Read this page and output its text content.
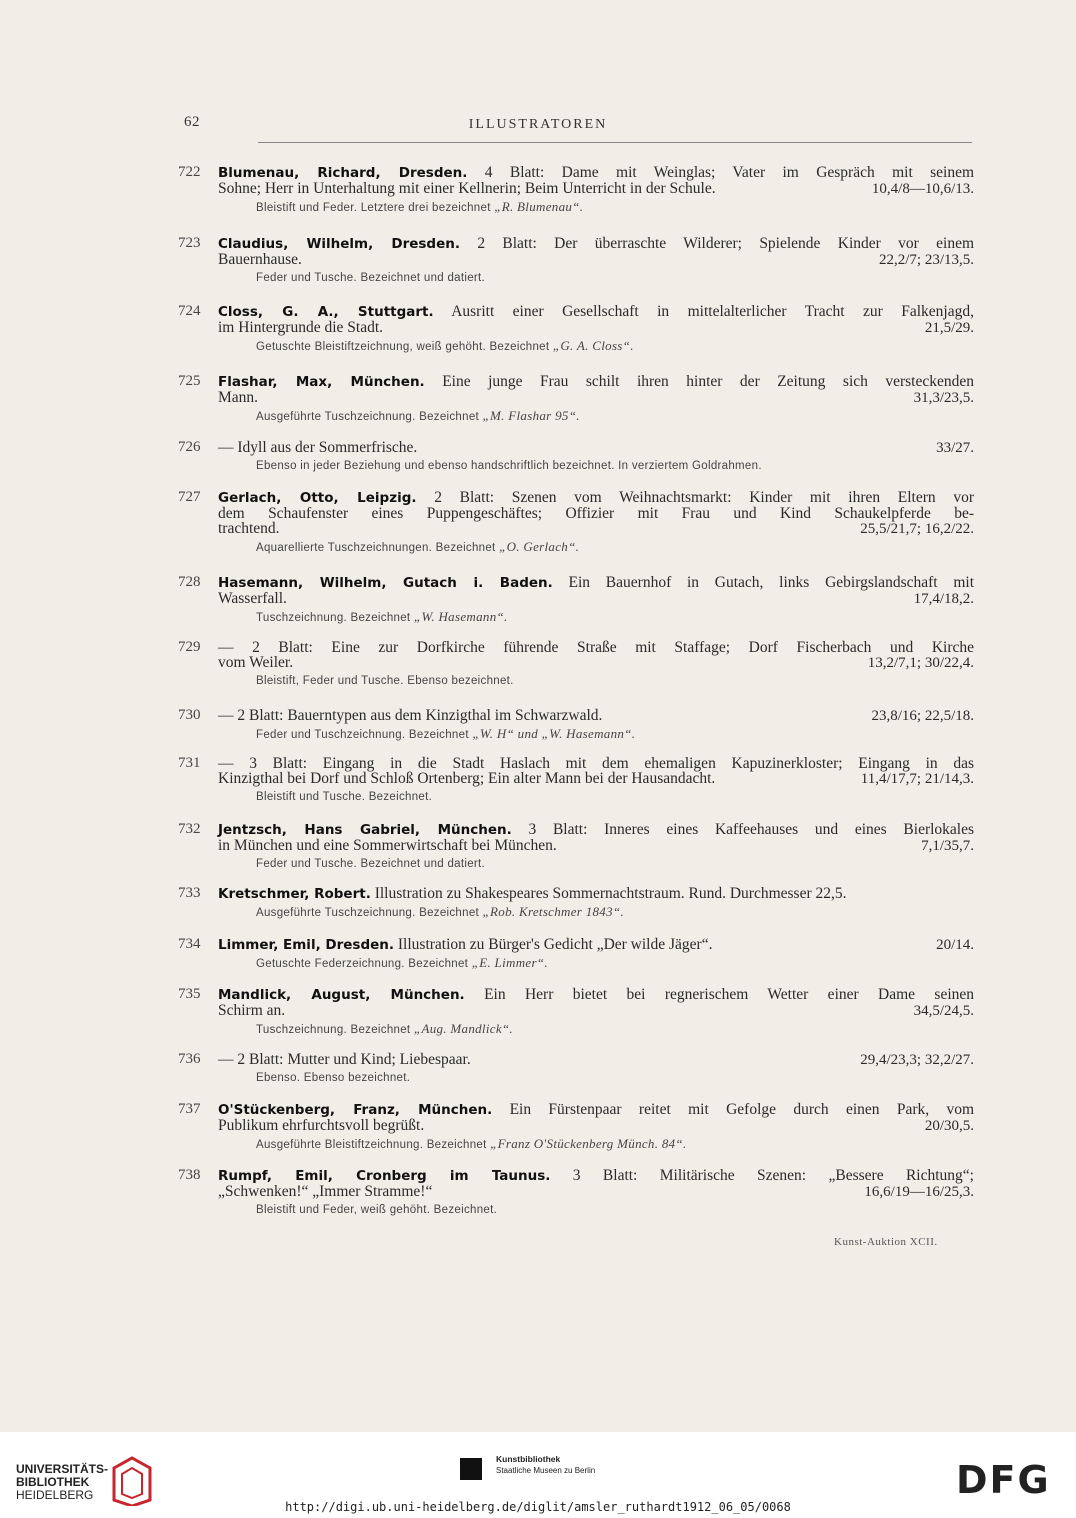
62	ILLUSTRATOREN
722	Blumenau, Richard, Dresden. 4 Blatt: Dame mit Weinglas; Vater im Gespräch mit seinem
Sohne; Herr in Unterhaltung mit einer Kellnerin; Beim Unterricht in der Schule.	10,4/8—10,6/13.
Bleistift und Feder. Letztere drei bezeichnet „R. Blumenau“.
723	Claudius, Wilhelm, Dresden. 2 Blatt: Der überraschte Wilderer; Spielende Kinder vor einem
Bauernhause.	22,2/7; 23/13,5.
Feder und Tusche. Bezeichnet und datiert.
724	Closs, G. A., Stuttgart. Ausritt einer Gesellschaft in mittelalterlicher Tracht zur Falkenjagd,
im Hintergrunde die Stadt.	21,5/29.
Getuschte Bleistiftzeichnung, weiß gehöht. Bezeichnet „G. A. Closs“.
725	Flashar, Max, München. Eine junge Frau schilt ihren hinter der Zeitung sich versteckenden
Mann.	31,3/23,5.
Ausgeführte Tuschzeichnung. Bezeichnet „M. Flashar 95“.
726	— Idyll aus der Sommerfrische.	33/27.
Ebenso in jeder Beziehung und ebenso handschriftlich bezeichnet. In verziertem Goldrahmen.
727	Gerlach, Otto, Leipzig. 2 Blatt: Szenen vom Weihnachtsmarkt: Kinder mit ihren Eltern vor
dem Schaufenster eines Puppengeschäftes; Offizier mit Frau und Kind Schaukelpferde be-
trachtend.	25,5/21,7; 16,2/22.
Aquarellierte Tuschzeichnungen. Bezeichnet „O. Gerlach“.
728	Hasemann, Wilhelm, Gutach i. Baden. Ein Bauernhof in Gutach, links Gebirgslandschaft mit
Wasserfall.	17,4/18,2.
Tuschzeichnung. Bezeichnet „W. Hasemann“.
729	— 2 Blatt: Eine zur Dorfkirche führende Straße mit Staffage; Dorf Fischerbach und Kirche
vom Weiler.	13,2/7,1; 30/22,4.
Bleistift, Feder und Tusche. Ebenso bezeichnet.
730	— 2 Blatt: Bauerntypen aus dem Kinzigthal im Schwarzwald.	23,8/16; 22,5/18.
Feder und Tuschzeichnung. Bezeichnet „W. H“ und „W. Hasemann“.
731	— 3 Blatt: Eingang in die Stadt Haslach mit dem ehemaligen Kapuzinerkloster; Eingang in das
Kinzigthal bei Dorf und Schloß Ortenberg; Ein alter Mann bei der Hausandacht.	11,4/17,7; 21/14,3.
Bleistift und Tusche. Bezeichnet.
732	Jentzsch, Hans Gabriel, München. 3 Blatt: Inneres eines Kaffeehauses und eines Bierlokales
in München und eine Sommerwirtschaft bei München.	7,1/35,7.
Feder und Tusche. Bezeichnet und datiert.
733	Kretschmer, Robert. Illustration zu Shakespeares Sommernachtstraum. Rund. Durchmesser 22,5.
Ausgeführte Tuschzeichnung. Bezeichnet „Rob. Kretschmer 1843“.
734	Limmer, Emil, Dresden. Illustration zu Bürger's Gedicht „Der wilde Jäger“.	20/14.
Getuschte Federzeichnung. Bezeichnet „E. Limmer“.
735	Mandlick, August, München. Ein Herr bietet bei regnerischem Wetter einer Dame seinen
Schirm an.	34,5/24,5.
Tuschzeichnung. Bezeichnet „Aug. Mandlick“.
736	— 2 Blatt: Mutter und Kind; Liebespaar.	29,4/23,3; 32,2/27.
Ebenso. Ebenso bezeichnet.
737	O'Stückenberg, Franz, München. Ein Fürstenpaar reitet mit Gefolge durch einen Park, vom
Publikum ehrfurchtsvoll begrüßt.	20/30,5.
Ausgeführte Bleistiftzeichnung. Bezeichnet „Franz O'Stückenberg Münch. 84“.
738	Rumpf, Emil, Cronberg im Taunus. 3 Blatt: Militärische Szenen: „Bessere Richtung“;
„Schwenken!“ „Immer Stramme!“	16,6/19—16/25,3.
Bleistift und Feder, weiß gehöht. Bezeichnet.
Kunst-Auktion XCII.
UNIVERSITÄTS-
BIBLIOTHEK
HEIDELBERG
Kunstbibliothek
Staatliche Museen zu Berlin	DFG
http://digi.ub.uni-heidelberg.de/diglit/amsler_ruthardt1912_06_05/0068
